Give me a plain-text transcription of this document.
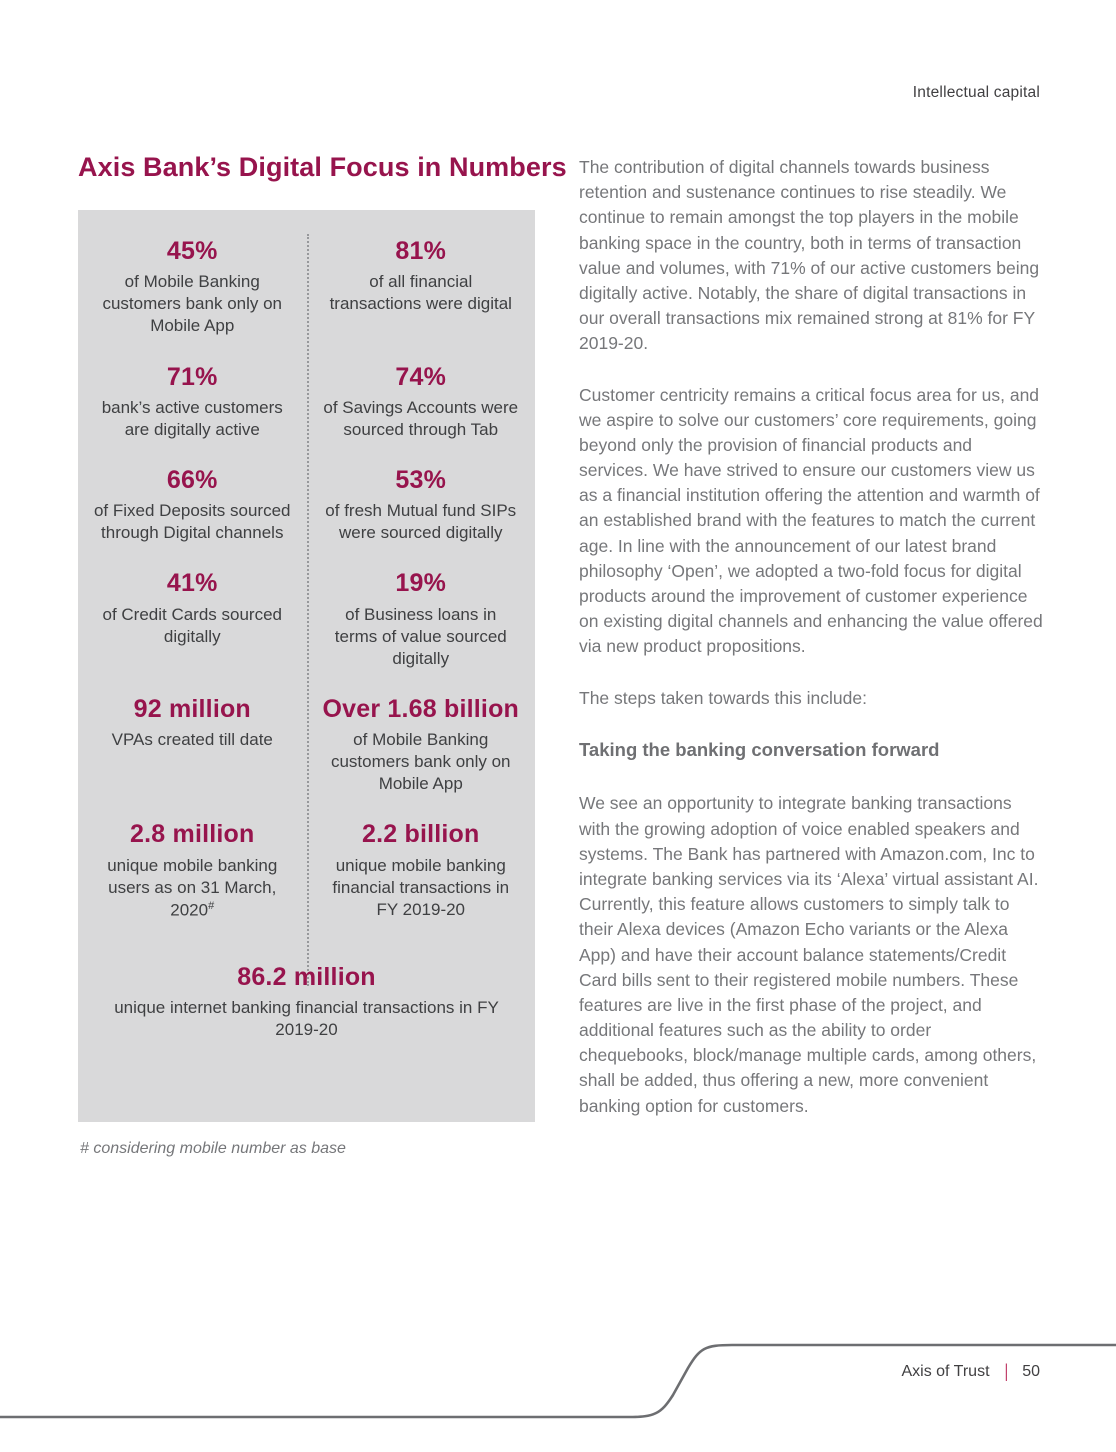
Intellectual capital
Axis Bank’s Digital Focus in Numbers
45%
of Mobile Banking customers bank only on Mobile App
81%
of all financial transactions were digital
71%
bank’s active customers are digitally active
74%
of Savings Accounts were sourced through Tab
66%
of Fixed Deposits sourced through Digital channels
53%
of fresh Mutual fund SIPs were sourced digitally
41%
of Credit Cards sourced digitally
19%
of Business loans in terms of value sourced digitally
92 million
VPAs created till date
Over 1.68 billion
of Mobile Banking customers bank only on Mobile App
2.8 million
unique mobile banking users as on 31 March, 2020#
2.2 billion
unique mobile banking financial transactions in FY 2019-20
86.2 million
unique internet banking financial transactions in FY 2019-20
# considering mobile number as base

The contribution of digital channels towards business retention and sustenance continues to rise steadily. We continue to remain amongst the top players in the mobile banking space in the country, both in terms of transaction value and volumes, with 71% of our active customers being digitally active. Notably, the share of digital transactions in our overall transactions mix remained strong at 81% for FY 2019-20.

Customer centricity remains a critical focus area for us, and we aspire to solve our customers’ core requirements, going beyond only the provision of financial products and services. We have strived to ensure our customers view us as a financial institution offering the attention and warmth of an established brand with the features to match the current age. In line with the announcement of our latest brand philosophy ‘Open’, we adopted a two-fold focus for digital products around the improvement of customer experience on existing digital channels and enhancing the value offered via new product propositions.

The steps taken towards this include:

Taking the banking conversation forward

We see an opportunity to integrate banking transactions with the growing adoption of voice enabled speakers and systems. The Bank has partnered with Amazon.com, Inc to integrate banking services via its ‘Alexa’ virtual assistant AI. Currently, this feature allows customers to simply talk to their Alexa devices (Amazon Echo variants or the Alexa App) and have their account balance statements/Credit Card bills sent to their registered mobile numbers. These features are live in the first phase of the project, and additional features such as the ability to order chequebooks, block/manage multiple cards, among others, shall be added, thus offering a new, more convenient banking option for customers.

Axis of Trust | 50
